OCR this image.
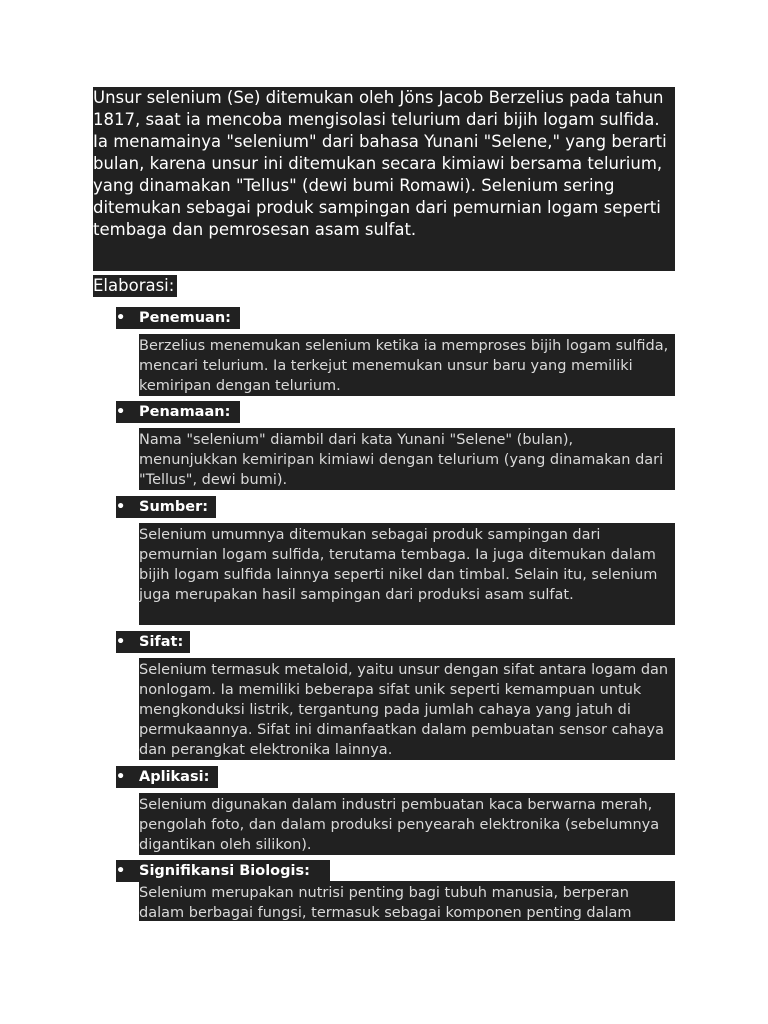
Unsur selenium (Se) ditemukan oleh Jöns Jacob Berzelius pada tahun 1817, saat ia mencoba mengisolasi telurium dari bijih logam sulfida. Ia menamainya "selenium" dari bahasa Yunani "Selene," yang berarti bulan, karena unsur ini ditemukan secara kimiawi bersama telurium, yang dinamakan "Tellus" (dewi bumi Romawi). Selenium sering ditemukan sebagai produk sampingan dari pemurnian logam seperti tembaga dan pemrosesan asam sulfat.

Elaborasi:
• Penemuan:

Berzelius menemukan selenium ketika ia memproses bijih logam sulfida, mencari telurium. Ia terkejut menemukan unsur baru yang memiliki kemiripan dengan telurium.

• Penamaan:

Nama "selenium" diambil dari kata Yunani "Selene" (bulan), menunjukkan kemiripan kimiawi dengan telurium (yang dinamakan dari "Tellus", dewi bumi).

• Sumber:

Selenium umumnya ditemukan sebagai produk sampingan dari pemurnian logam sulfida, terutama tembaga. Ia juga ditemukan dalam bijih logam sulfida lainnya seperti nikel dan timbal. Selain itu, selenium juga merupakan hasil sampingan dari produksi asam sulfat.

• Sifat:

Selenium termasuk metaloid, yaitu unsur dengan sifat antara logam dan nonlogam. Ia memiliki beberapa sifat unik seperti kemampuan untuk mengkonduksi listrik, tergantung pada jumlah cahaya yang jatuh di permukaannya. Sifat ini dimanfaatkan dalam pembuatan sensor cahaya dan perangkat elektronika lainnya.

• Aplikasi:

Selenium digunakan dalam industri pembuatan kaca berwarna merah, pengolah foto, dan dalam produksi penyearah elektronika (sebelumnya digantikan oleh silikon).

• Signifikansi Biologis:

Selenium merupakan nutrisi penting bagi tubuh manusia, berperan dalam berbagai fungsi, termasuk sebagai komponen penting dalam
